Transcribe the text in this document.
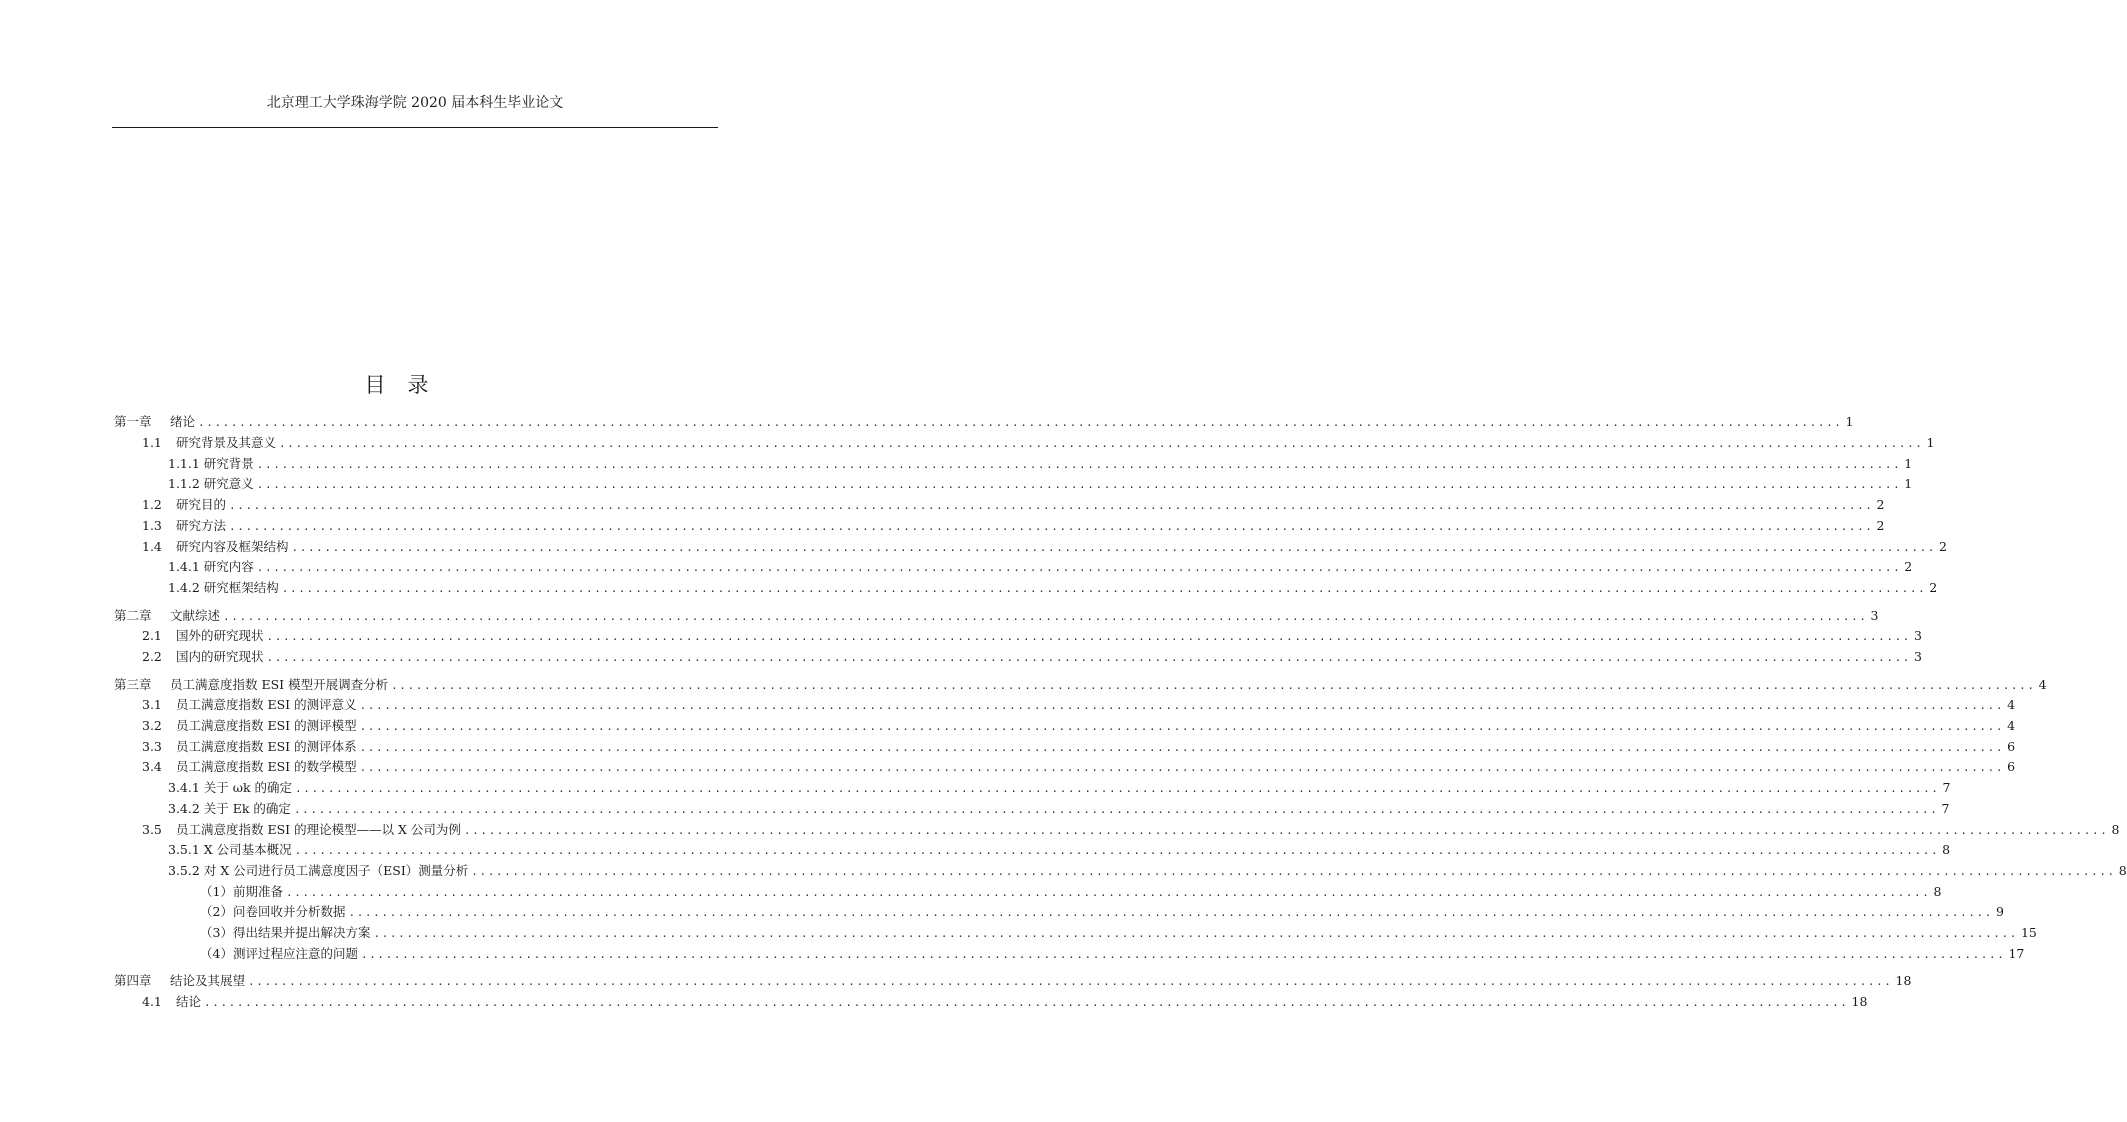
北京理工大学珠海学院 2020 届本科生毕业论文
目录
第一章 绪论 ........................................................................................................................................................................................................ 1
1.1 研究背景及其意义 ........................................................................................................................................................................................................ 1
1.1.1 研究背景 ........................................................................................................................................................................................................ 1
1.1.2 研究意义 ........................................................................................................................................................................................................ 1
1.2 研究目的 ........................................................................................................................................................................................................ 2
1.3 研究方法 ........................................................................................................................................................................................................ 2
1.4 研究内容及框架结构 ........................................................................................................................................................................................................ 2
1.4.1 研究内容 ........................................................................................................................................................................................................ 2
1.4.2 研究框架结构 ........................................................................................................................................................................................................ 2
第二章 文献综述 ........................................................................................................................................................................................................ 3
2.1 国外的研究现状 ........................................................................................................................................................................................................ 3
2.2 国内的研究现状 ........................................................................................................................................................................................................ 3
第三章 员工满意度指数 ESI 模型开展调查分析 ........................................................................................................................................................................................................ 4
3.1 员工满意度指数 ESI 的测评意义 ........................................................................................................................................................................................................ 4
3.2 员工满意度指数 ESI 的测评模型 ........................................................................................................................................................................................................ 4
3.3 员工满意度指数 ESI 的测评体系 ........................................................................................................................................................................................................ 6
3.4 员工满意度指数 ESI 的数学模型 ........................................................................................................................................................................................................ 6
3.4.1 关于 ωk 的确定 ........................................................................................................................................................................................................ 7
3.4.2 关于 Ek 的确定 ........................................................................................................................................................................................................ 7
3.5 员工满意度指数 ESI 的理论模型——以 X 公司为例 ........................................................................................................................................................................................................ 8
3.5.1 X 公司基本概况 ........................................................................................................................................................................................................ 8
3.5.2 对 X 公司进行员工满意度因子（ESI）测量分析 ........................................................................................................................................................................................................ 8
（1）前期准备 ........................................................................................................................................................................................................ 8
（2）问卷回收并分析数据 ........................................................................................................................................................................................................ 9
（3）得出结果并提出解决方案 ........................................................................................................................................................................................................ 15
（4）测评过程应注意的问题 ........................................................................................................................................................................................................ 17
第四章 结论及其展望 ........................................................................................................................................................................................................ 18
4.1 结论 ........................................................................................................................................................................................................ 18
